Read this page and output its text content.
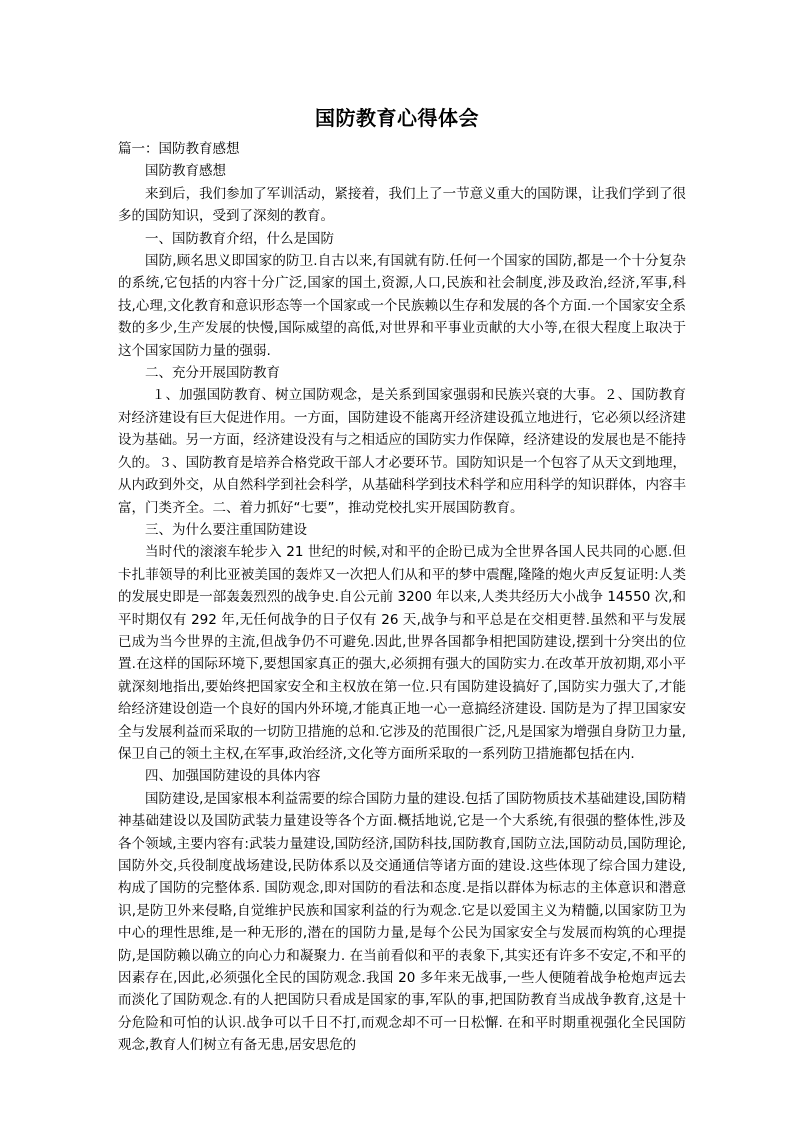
国防教育心得体会

篇一：国防教育感想

国防教育感想

来到后，我们参加了军训活动，紧接着，我们上了一节意义重大的国防课，让我们学到了很多的国防知识，受到了深刻的教育。

一、国防教育介绍，什么是国防

国防,顾名思义即国家的防卫.自古以来,有国就有防.任何一个国家的国防,都是一个十分复杂的系统,它包括的内容十分广泛,国家的国土,资源,人口,民族和社会制度,涉及政治,经济,军事,科技,心理,文化教育和意识形态等一个国家或一个民族赖以生存和发展的各个方面.一个国家安全系数的多少,生产发展的快慢,国际威望的高低,对世界和平事业贡献的大小等,在很大程度上取决于这个国家国防力量的强弱.

二、充分开展国防教育

１、加强国防教育、树立国防观念，是关系到国家强弱和民族兴衰的大事。２、国防教育对经济建设有巨大促进作用。一方面，国防建设不能离开经济建设孤立地进行，它必须以经济建设为基础。另一方面，经济建设没有与之相适应的国防实力作保障，经济建设的发展也是不能持久的。３、国防教育是培养合格党政干部人才必要环节。国防知识是一个包容了从天文到地理，从内政到外交，从自然科学到社会科学，从基础科学到技术科学和应用科学的知识群体，内容丰富，门类齐全。二、着力抓好“七要”，推动党校扎实开展国防教育。

三、为什么要注重国防建设

当时代的滚滚车轮步入 21 世纪的时候,对和平的企盼已成为全世界各国人民共同的心愿.但卡扎菲领导的利比亚被美国的轰炸又一次把人们从和平的梦中震醒,隆隆的炮火声反复证明:人类的发展史即是一部轰轰烈烈的战争史.自公元前 3200 年以来,人类共经历大小战争 14550 次,和平时期仅有 292 年,无任何战争的日子仅有 26 天,战争与和平总是在交相更替.虽然和平与发展已成为当今世界的主流,但战争仍不可避免.因此,世界各国都争相把国防建设,摆到十分突出的位置.在这样的国际环境下,要想国家真正的强大,必须拥有强大的国防实力.在改革开放初期,邓小平就深刻地指出,要始终把国家安全和主权放在第一位.只有国防建设搞好了,国防实力强大了,才能给经济建设创造一个良好的国内外环境,才能真正地一心一意搞经济建设. 国防是为了捍卫国家安全与发展利益而采取的一切防卫措施的总和.它涉及的范围很广泛,凡是国家为增强自身防卫力量,保卫自己的领土主权,在军事,政治经济,文化等方面所采取的一系列防卫措施都包括在内.

四、加强国防建设的具体内容

国防建设,是国家根本利益需要的综合国防力量的建设.包括了国防物质技术基础建设,国防精神基础建设以及国防武装力量建设等各个方面.概括地说,它是一个大系统,有很强的整体性,涉及各个领域,主要内容有:武装力量建设,国防经济,国防科技,国防教育,国防立法,国防动员,国防理论,国防外交,兵役制度战场建设,民防体系以及交通通信等诸方面的建设.这些体现了综合国力建设,构成了国防的完整体系. 国防观念,即对国防的看法和态度.是指以群体为标志的主体意识和潜意识,是防卫外来侵略,自觉维护民族和国家利益的行为观念.它是以爱国主义为精髓,以国家防卫为中心的理性思维,是一种无形的,潜在的国防力量,是每个公民为国家安全与发展而构筑的心理提防,是国防赖以确立的向心力和凝聚力. 在当前看似和平的表象下,其实还有许多不安定,不和平的因素存在,因此,必须强化全民的国防观念.我国 20 多年来无战事,一些人便随着战争枪炮声远去而淡化了国防观念.有的人把国防只看成是国家的事,军队的事,把国防教育当成战争教育,这是十分危险和可怕的认识.战争可以千日不打,而观念却不可一日松懈. 在和平时期重视强化全民国防观念,教育人们树立有备无患,居安思危的
